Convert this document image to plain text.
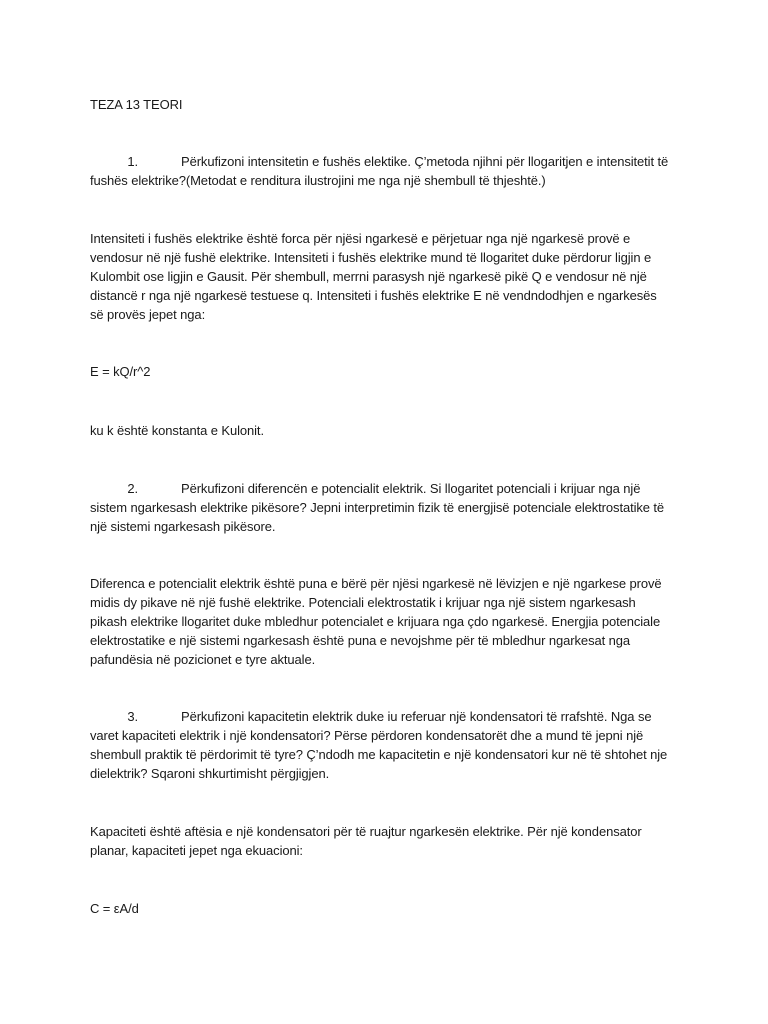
TEZA 13 TEORI

1.	Përkufizoni intensitetin e fushës elektike. Ç’metoda njihni për llogaritjen e intensitetit të fushës elektrike?(Metodat e renditura ilustrojini me nga një shembull të thjeshtë.)

Intensiteti i fushës elektrike është forca për njësi ngarkesë e përjetuar nga një ngarkesë provë e vendosur në një fushë elektrike. Intensiteti i fushës elektrike mund të llogaritet duke përdorur ligjin e Kulombit ose ligjin e Gausit. Për shembull, merrni parasysh një ngarkesë pikë Q e vendosur në një distancë r nga një ngarkesë testuese q. Intensiteti i fushës elektrike E në vendndodhjen e ngarkesës së provës jepet nga:

E = kQ/r^2

ku k është konstanta e Kulonit.

2.	Përkufizoni diferencën e potencialit elektrik. Si llogaritet potenciali i krijuar nga një sistem ngarkesash elektrike pikësore? Jepni interpretimin fizik të energjisë potenciale elektrostatike të një sistemi ngarkesash pikësore.

Diferenca e potencialit elektrik është puna e bërë për njësi ngarkesë në lëvizjen e një ngarkese provë midis dy pikave në një fushë elektrike. Potenciali elektrostatik i krijuar nga një sistem ngarkesash pikash elektrike llogaritet duke mbledhur potencialet e krijuara nga çdo ngarkesë. Energjia potenciale elektrostatike e një sistemi ngarkesash është puna e nevojshme për të mbledhur ngarkesat nga pafundësia në pozicionet e tyre aktuale.

3.	Përkufizoni kapacitetin elektrik duke iu referuar një kondensatori të rrafshtë. Nga se varet kapaciteti elektrik i një kondensatori? Përse përdoren kondensatorët dhe a mund të jepni një shembull praktik të përdorimit të tyre? Ç’ndodh me kapacitetin e një kondensatori kur në të shtohet nje dielektrik? Sqaroni shkurtimisht përgjigjen.

Kapaciteti është aftësia e një kondensatori për të ruajtur ngarkesën elektrike. Për një kondensator planar, kapaciteti jepet nga ekuacioni:

C = εA/d
